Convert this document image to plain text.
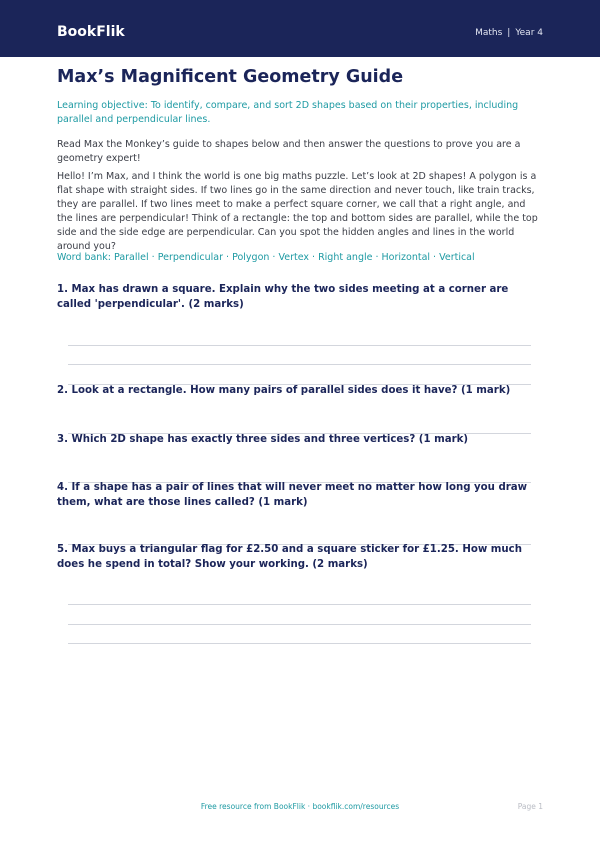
BookFlik	Maths | Year 4
Max’s Magnificent Geometry Guide

Learning objective: To identify, compare, and sort 2D shapes based on their properties, including parallel and perpendicular lines.

Read Max the Monkey’s guide to shapes below and then answer the questions to prove you are a geometry expert!

Hello! I’m Max, and I think the world is one big maths puzzle. Let’s look at 2D shapes! A polygon is a flat shape with straight sides. If two lines go in the same direction and never touch, like train tracks, they are parallel. If two lines meet to make a perfect square corner, we call that a right angle, and the lines are perpendicular! Think of a rectangle: the top and bottom sides are parallel, while the top side and the side edge are perpendicular. Can you spot the hidden angles and lines in the world around you?

Word bank: Parallel · Perpendicular · Polygon · Vertex · Right angle · Horizontal · Vertical

1. Max has drawn a square. Explain why the two sides meeting at a corner are called 'perpendicular'. (2 marks)

2. Look at a rectangle. How many pairs of parallel sides does it have? (1 mark)

3. Which 2D shape has exactly three sides and three vertices? (1 mark)

4. If a shape has a pair of lines that will never meet no matter how long you draw them, what are those lines called? (1 mark)

5. Max buys a triangular flag for £2.50 and a square sticker for £1.25. How much does he spend in total? Show your working. (2 marks)

Free resource from BookFlik · bookflik.com/resources	Page 1
